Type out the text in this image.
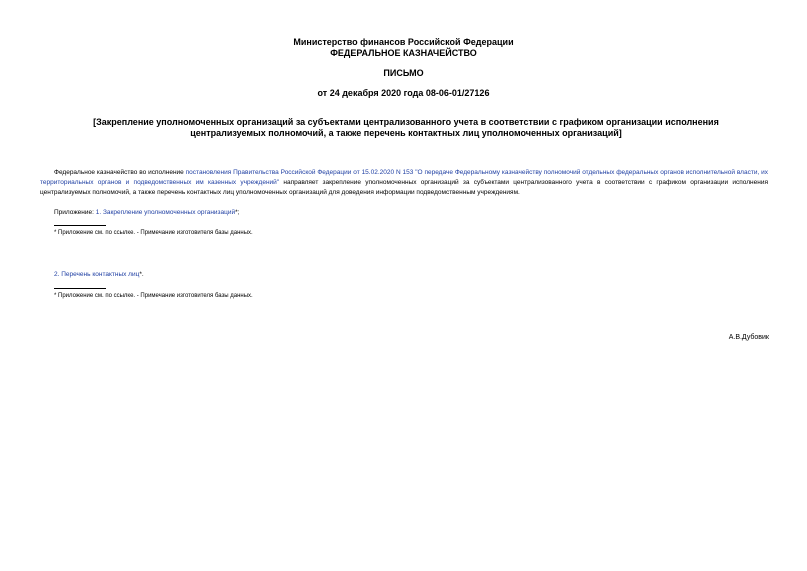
Министерство финансов Российской Федерации
ФЕДЕРАЛЬНОЕ КАЗНАЧЕЙСТВО
ПИСЬМО
от 24 декабря 2020 года 08-06-01/27126
[Закрепление уполномоченных организаций за субъектами централизованного учета в соответствии с графиком организации исполнения централизуемых полномочий, а также перечень контактных лиц уполномоченных организаций]
Федеральное казначейство во исполнение постановления Правительства Российской Федерации от 15.02.2020 N 153 "О передаче Федеральному казначейству полномочий отдельных федеральных органов исполнительной власти, их территориальных органов и подведомственных им казенных учреждений" направляет закрепление уполномоченных организаций за субъектами централизованного учета в соответствии с графиком организации исполнения централизуемых полномочий, а также перечень контактных лиц уполномоченных организаций для доведения информации подведомственным учреждениям.
Приложение: 1. Закрепление уполномоченных организаций*;
* Приложение см. по ссылке. - Примечание изготовителя базы данных.
2. Перечень контактных лиц*.
* Приложение см. по ссылке. - Примечание изготовителя базы данных.
А.В.Дубовик
